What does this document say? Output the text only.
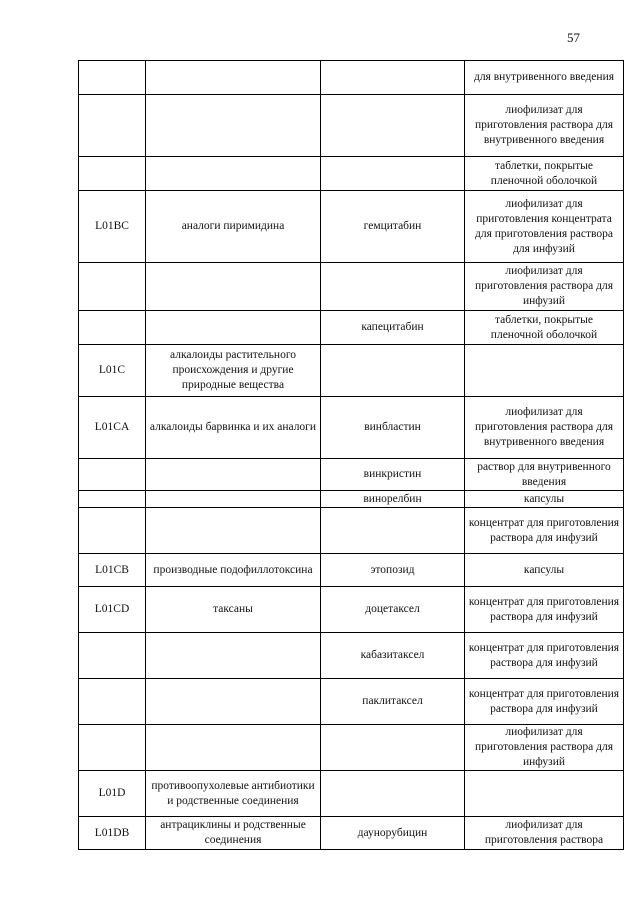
57
			для внутривенного введения
			лиофилизат для приготовления раствора для внутривенного введения
			таблетки, покрытые пленочной оболочкой
L01BC	аналоги пиримидина	гемцитабин	лиофилизат для приготовления концентрата для приготовления раствора для инфузий
			лиофилизат для приготовления раствора для инфузий
		капецитабин	таблетки, покрытые пленочной оболочкой
L01C	алкалоиды растительного происхождения и другие природные вещества		
L01CA	алкалоиды барвинка и их аналоги	винбластин	лиофилизат для приготовления раствора для внутривенного введения
		винкристин	раствор для внутривенного введения
		винорелбин	капсулы
			концентрат для приготовления раствора для инфузий
L01CB	производные подофиллотоксина	этопозид	капсулы
L01CD	таксаны	доцетаксел	концентрат для приготовления раствора для инфузий
		кабазитаксел	концентрат для приготовления раствора для инфузий
		паклитаксел	концентрат для приготовления раствора для инфузий
			лиофилизат для приготовления раствора для инфузий
L01D	противоопухолевые антибиотики и родственные соединения		
L01DB	антрациклины и родственные соединения	даунорубицин	лиофилизат для приготовления раствора
